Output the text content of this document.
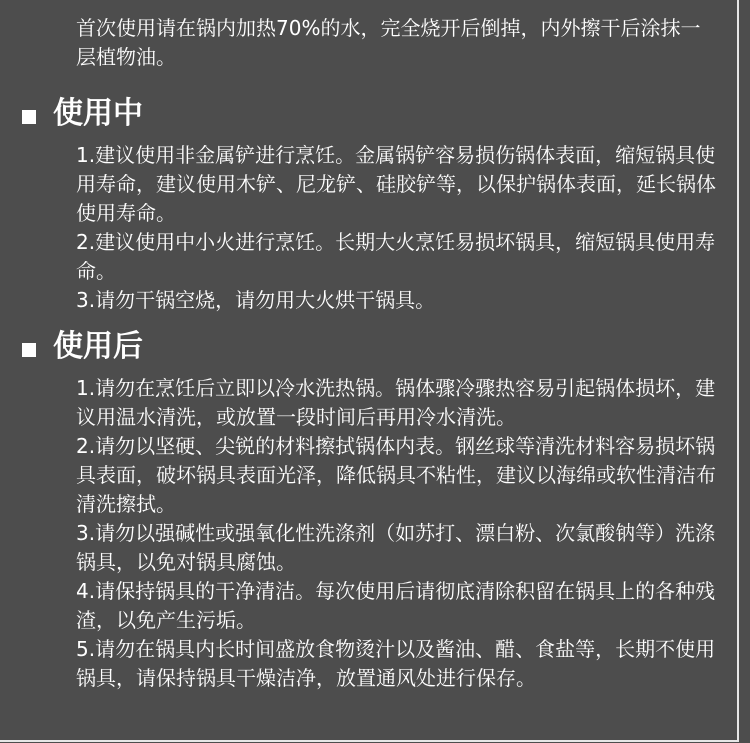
首次使用请在锅内加热70%的水，完全烧开后倒掉，内外擦干后涂抹一层植物油。
使用中
1.建议使用非金属铲进行烹饪。金属锅铲容易损伤锅体表面，缩短锅具使用寿命，建议使用木铲、尼龙铲、硅胶铲等，以保护锅体表面，延长锅体使用寿命。
2.建议使用中小火进行烹饪。长期大火烹饪易损坏锅具，缩短锅具使用寿命。
3.请勿干锅空烧，请勿用大火烘干锅具。
使用后
1.请勿在烹饪后立即以冷水洗热锅。锅体骤冷骤热容易引起锅体损坏，建议用温水清洗，或放置一段时间后再用冷水清洗。
2.请勿以坚硬、尖锐的材料擦拭锅体内表。钢丝球等清洗材料容易损坏锅具表面，破坏锅具表面光泽，降低锅具不粘性，建议以海绵或软性清洁布清洗擦拭。
3.请勿以强碱性或强氧化性洗涤剂（如苏打、漂白粉、次氯酸钠等）洗涤锅具，以免对锅具腐蚀。
4.请保持锅具的干净清洁。每次使用后请彻底清除积留在锅具上的各种残渣，以免产生污垢。
5.请勿在锅具内长时间盛放食物烫汁以及酱油、醋、食盐等，长期不使用锅具，请保持锅具干燥洁净，放置通风处进行保存。
